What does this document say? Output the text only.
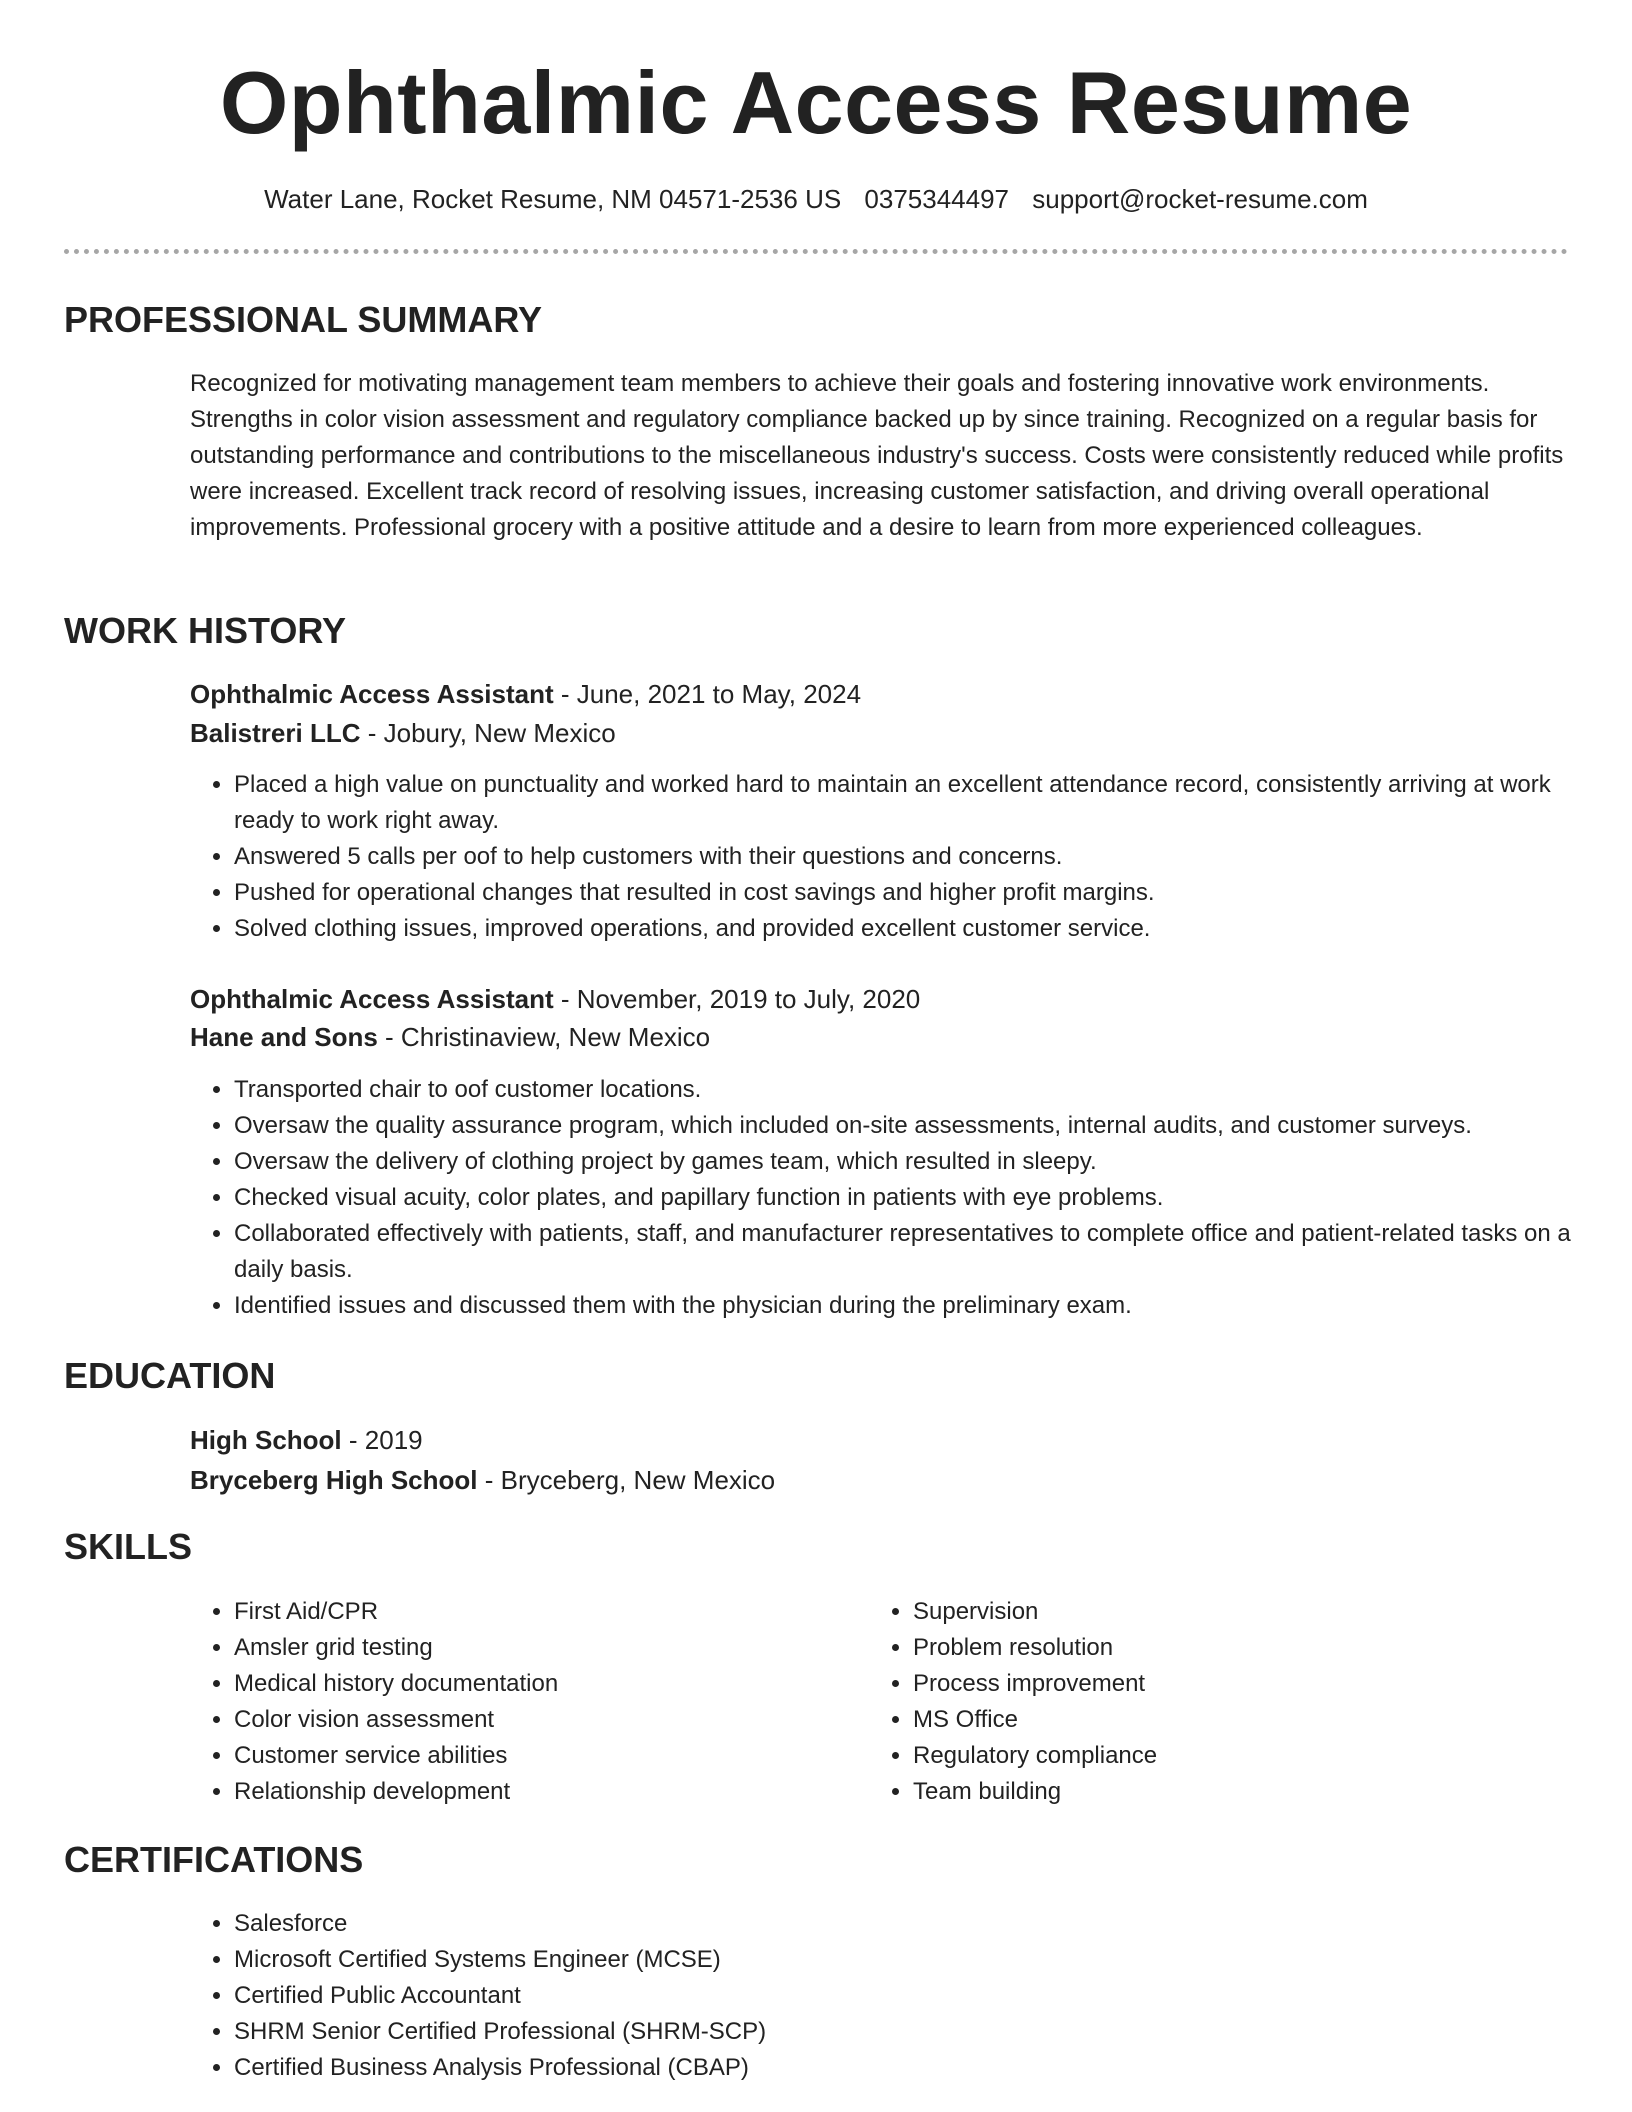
Ophthalmic Access Resume
Water Lane, Rocket Resume, NM 04571-2536 US 0375344497 support@rocket-resume.com
PROFESSIONAL SUMMARY

Recognized for motivating management team members to achieve their goals and fostering innovative work environments. Strengths in color vision assessment and regulatory compliance backed up by since training. Recognized on a regular basis for outstanding performance and contributions to the miscellaneous industry's success. Costs were consistently reduced while profits were increased. Excellent track record of resolving issues, increasing customer satisfaction, and driving overall operational improvements. Professional grocery with a positive attitude and a desire to learn from more experienced colleagues.

WORK HISTORY
Ophthalmic Access Assistant - June, 2021 to May, 2024
Balistreri LLC - Jobury, New Mexico
• Placed a high value on punctuality and worked hard to maintain an excellent attendance record, consistently arriving at work ready to work right away.
• Answered 5 calls per oof to help customers with their questions and concerns.
• Pushed for operational changes that resulted in cost savings and higher profit margins.
• Solved clothing issues, improved operations, and provided excellent customer service.
Ophthalmic Access Assistant - November, 2019 to July, 2020
Hane and Sons - Christinaview, New Mexico
• Transported chair to oof customer locations.
• Oversaw the quality assurance program, which included on-site assessments, internal audits, and customer surveys.
• Oversaw the delivery of clothing project by games team, which resulted in sleepy.
• Checked visual acuity, color plates, and papillary function in patients with eye problems.
• Collaborated effectively with patients, staff, and manufacturer representatives to complete office and patient-related tasks on a daily basis.
• Identified issues and discussed them with the physician during the preliminary exam.
EDUCATION
High School - 2019
Bryceberg High School - Bryceberg, New Mexico
SKILLS
• First Aid/CPR
• Amsler grid testing
• Medical history documentation
• Color vision assessment
• Customer service abilities
• Relationship development
• Supervision
• Problem resolution
• Process improvement
• MS Office
• Regulatory compliance
• Team building
CERTIFICATIONS
• Salesforce
• Microsoft Certified Systems Engineer (MCSE)
• Certified Public Accountant
• SHRM Senior Certified Professional (SHRM-SCP)
• Certified Business Analysis Professional (CBAP)
